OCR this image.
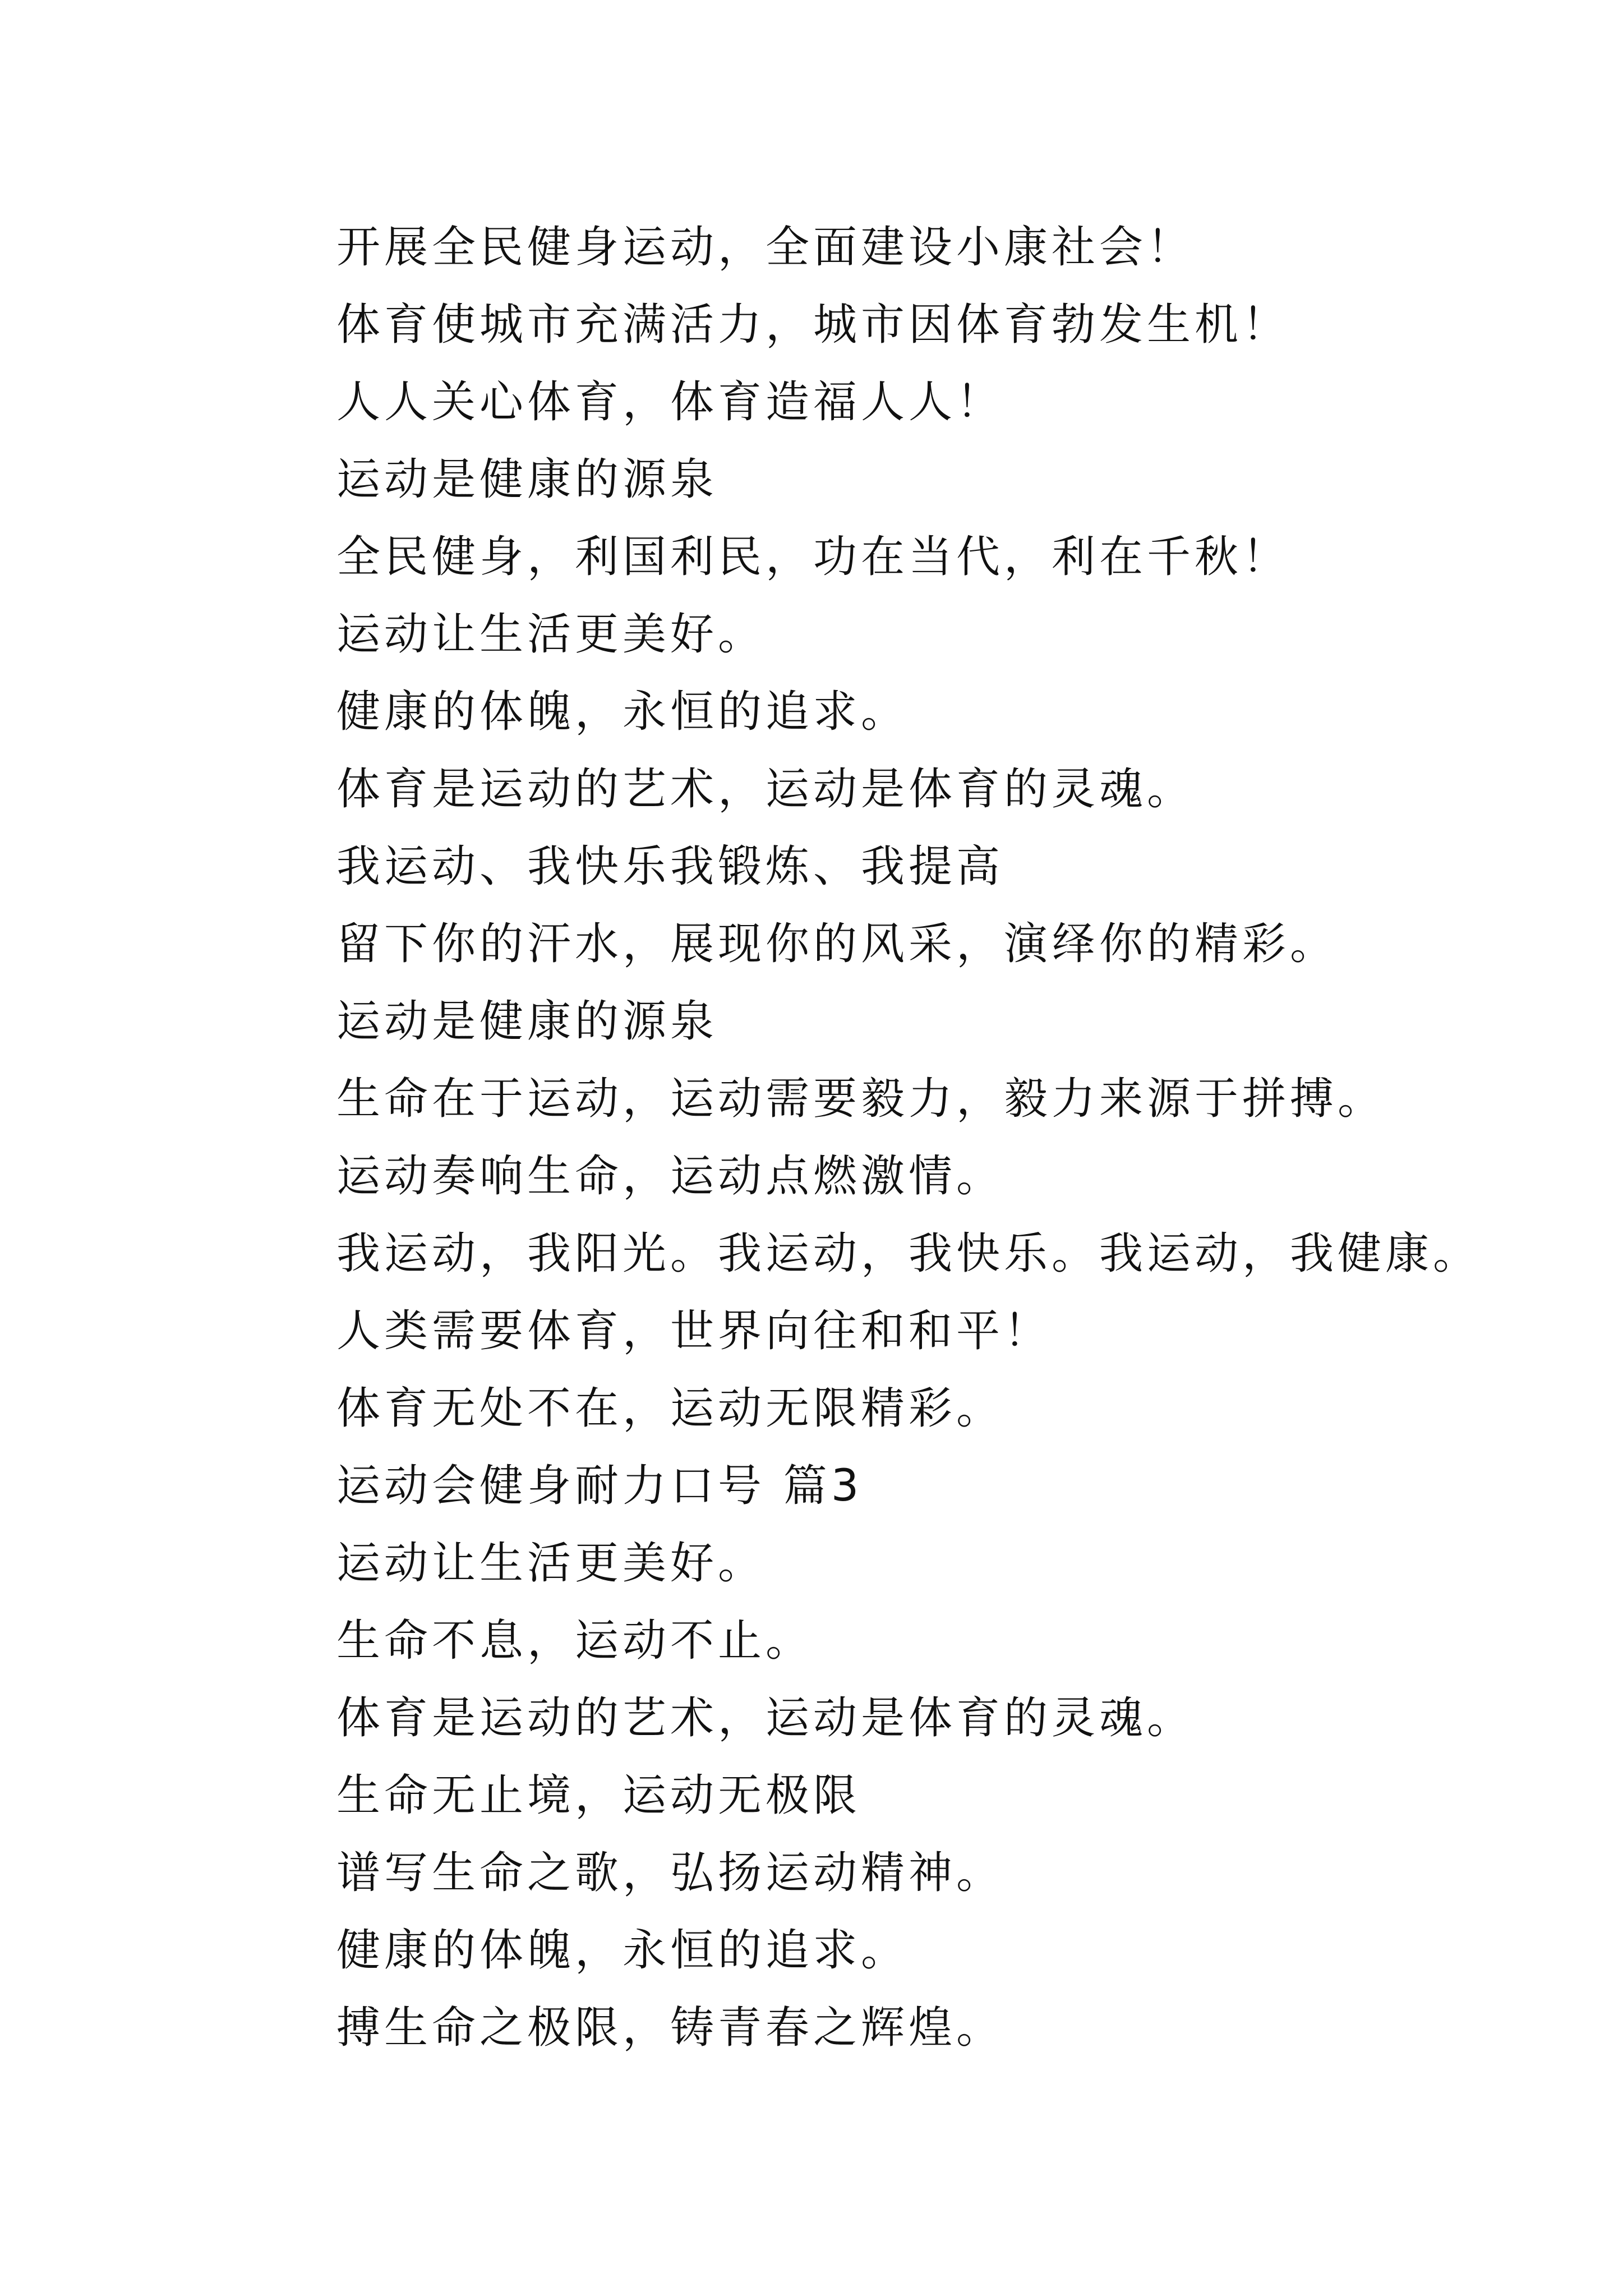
开展全民健身运动，全面建设小康社会！
体育使城市充满活力，城市因体育勃发生机！
人人关心体育，体育造福人人！
运动是健康的源泉
全民健身，利国利民，功在当代，利在千秋！
运动让生活更美好。
健康的体魄，永恒的追求。
体育是运动的艺术，运动是体育的灵魂。
我运动、我快乐我锻炼、我提高
留下你的汗水，展现你的风采，演绎你的精彩。
运动是健康的源泉
生命在于运动，运动需要毅力，毅力来源于拼搏。
运动奏响生命，运动点燃激情。
我运动，我阳光。我运动，我快乐。我运动，我健康。
人类需要体育，世界向往和和平！
体育无处不在，运动无限精彩。
运动会健身耐力口号 篇3
运动让生活更美好。
生命不息，运动不止。
体育是运动的艺术，运动是体育的灵魂。
生命无止境，运动无极限
谱写生命之歌，弘扬运动精神。
健康的体魄，永恒的追求。
搏生命之极限，铸青春之辉煌。
